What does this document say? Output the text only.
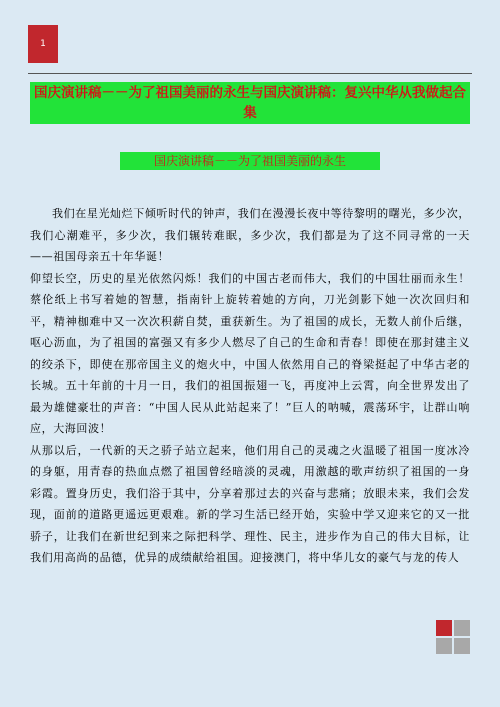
1
国庆演讲稿－－为了祖国美丽的永生与国庆演讲稿：复兴中华从我做起合集
国庆演讲稿－－为了祖国美丽的永生

我们在星光灿烂下倾听时代的钟声，我们在漫漫长夜中等待黎明的曙光，多少次，我们心潮难平，多少次，我们辗转难眠，多少次，我们都是为了这不同寻常的一天——祖国母亲五十年华诞！

仰望长空，历史的星光依然闪烁！我们的中国古老而伟大，我们的中国壮丽而永生！蔡伦纸上书写着她的智慧，指南针上旋转着她的方向，刀光剑影下她一次次回归和平，精神枷难中又一次次积薪自焚，重获新生。为了祖国的成长，无数人前仆后继，呕心沥血，为了祖国的富强又有多少人燃尽了自己的生命和青春！即使在那封建主义的绞杀下，即使在那帝国主义的炮火中，中国人依然用自己的脊梁挺起了中华古老的长城。五十年前的十月一日，我们的祖国振翅一飞，再度冲上云霄，向全世界发出了最为雄健豪壮的声音：“中国人民从此站起来了！”巨人的呐喊，震荡环宇，让群山响应，大海回波！

从那以后，一代新的天之骄子站立起来，他们用自己的灵魂之火温暖了祖国一度冰冷的身躯，用青春的热血点燃了祖国曾经暗淡的灵魂，用激越的歌声纺织了祖国的一身彩霞。置身历史，我们浴于其中，分享着那过去的兴奋与悲痛；放眼未来，我们会发现，面前的道路更遥远更艰难。新的学习生活已经开始，实验中学又迎来它的又一批骄子，让我们在新世纪到来之际把科学、理性、民主，进步作为自己的伟大目标，让我们用高尚的品德，优异的成绩献给祖国。迎接澳门，将中华儿女的豪气与龙的传人
